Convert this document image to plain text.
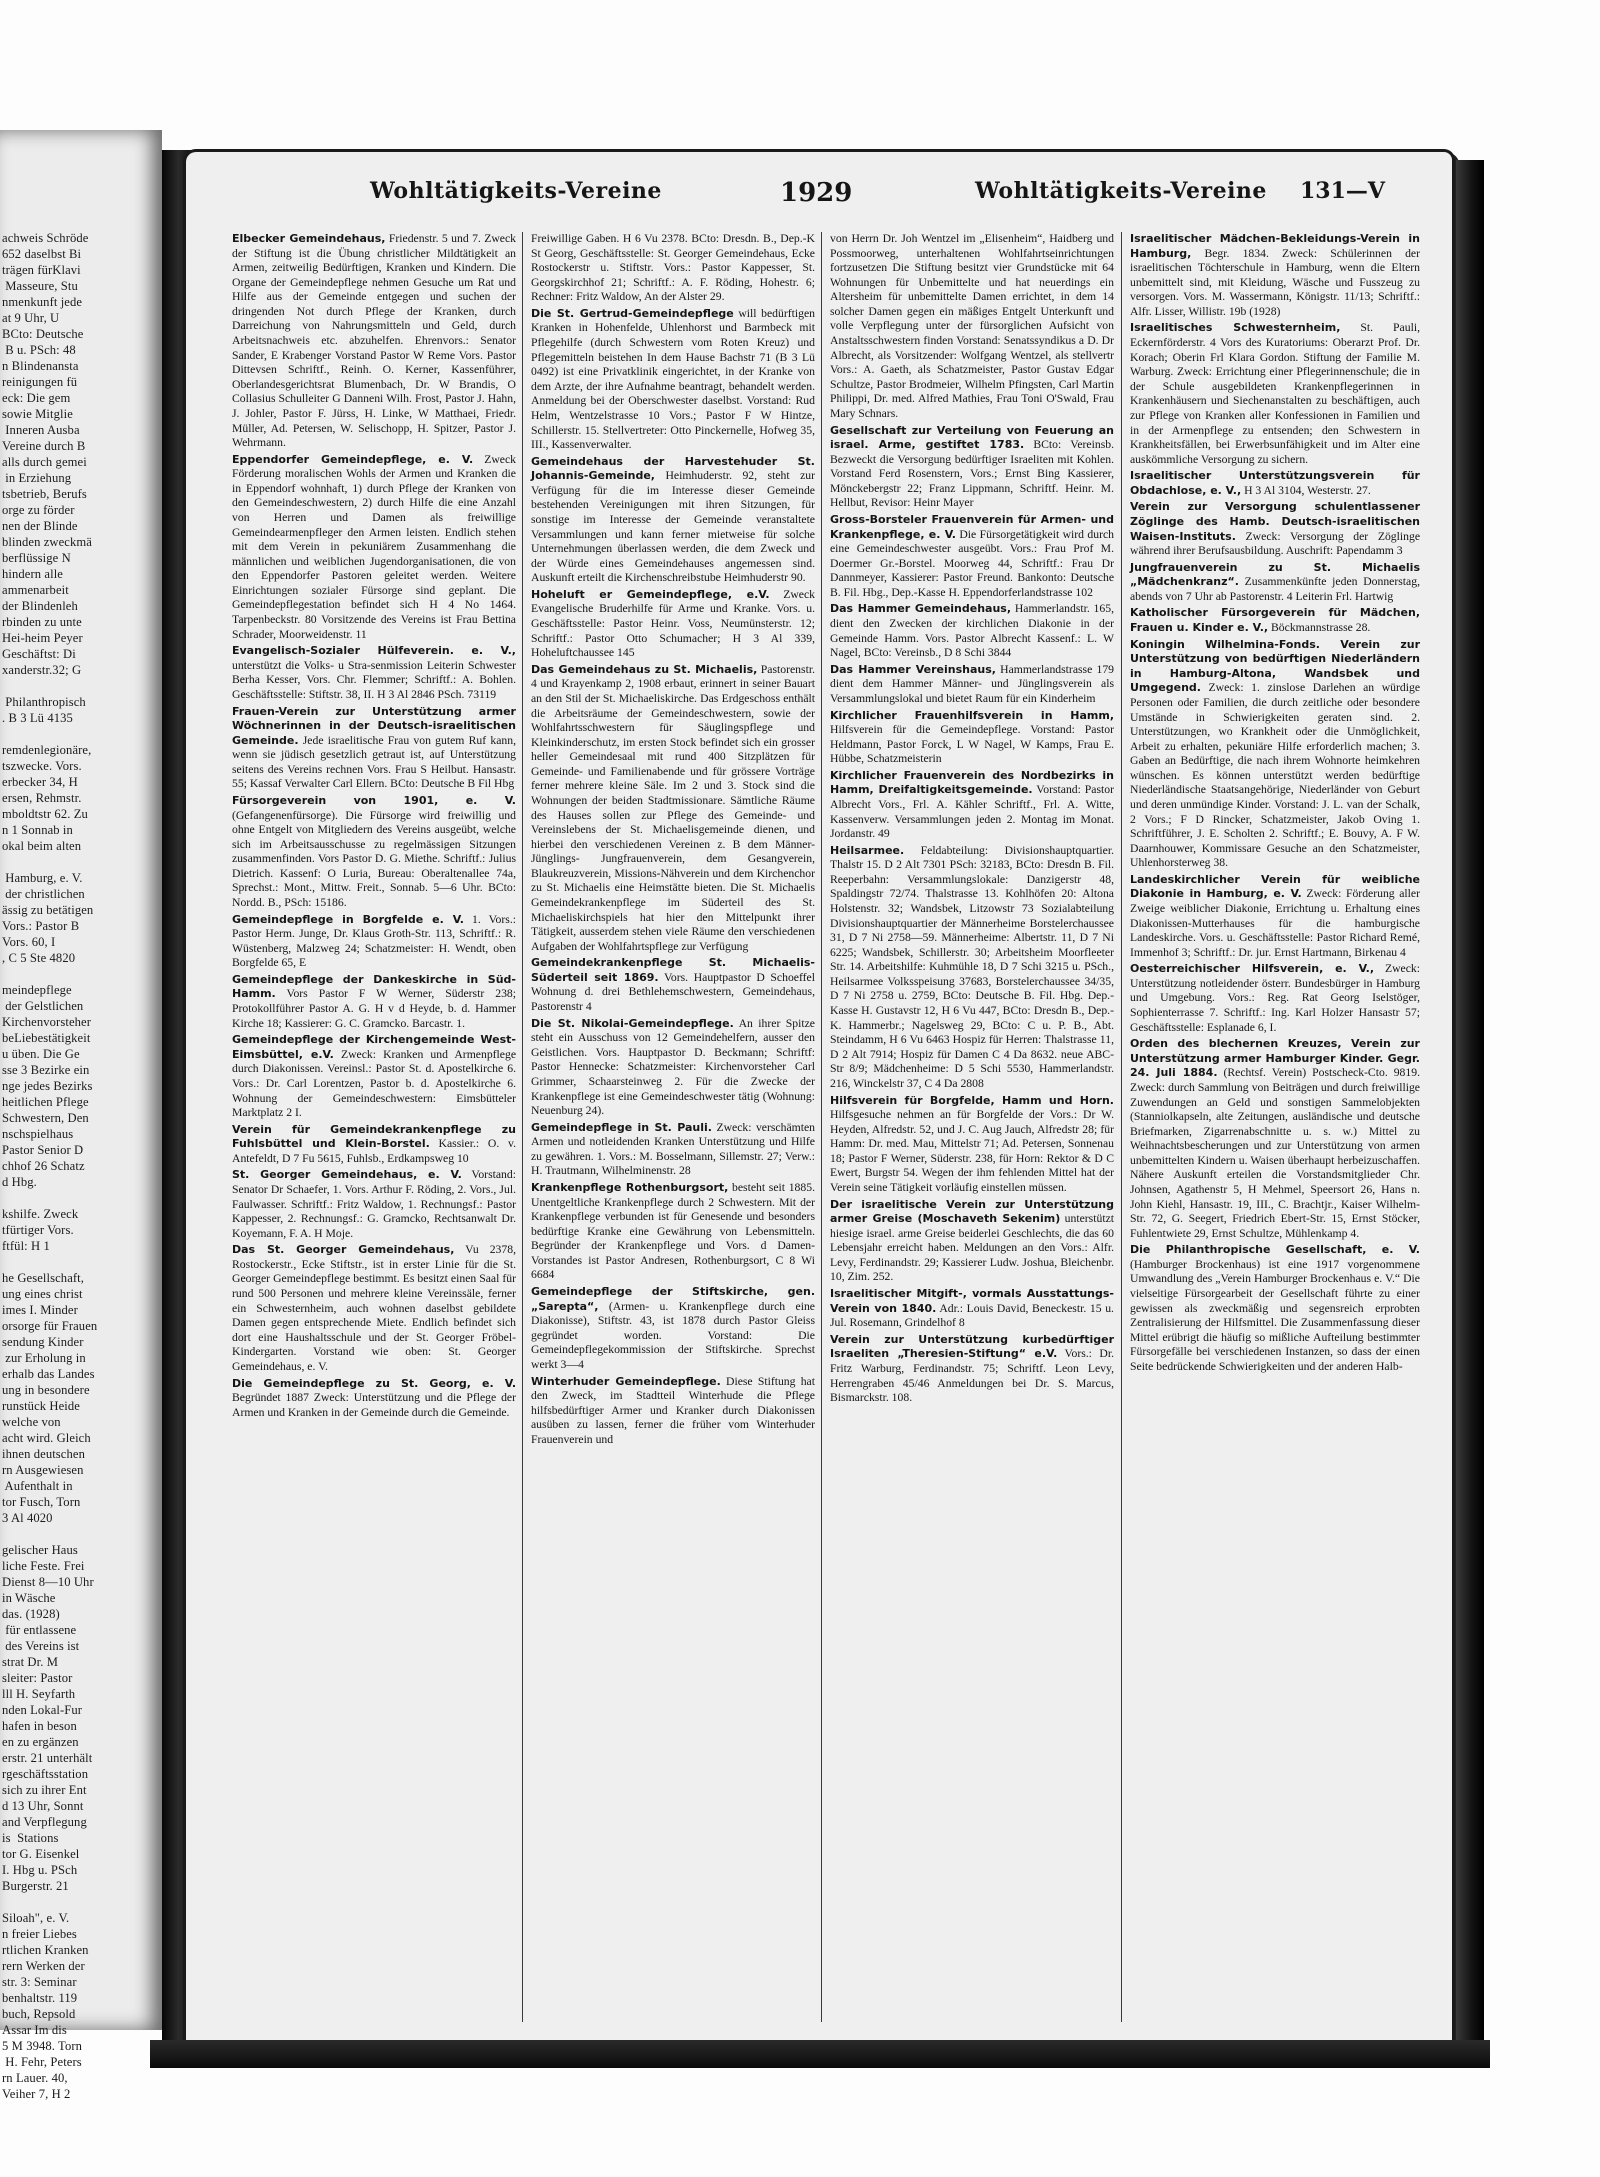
achweis Schröde
652 daselbst Bi
trägen fürKlavi
Masseure, Stu
nmenkunft jede
at 9 Uhr, U
BCto: Deutsche
B u. PSch: 48
n Blindenansta
reinigungen fü
eck: Die gem
sowie Mitglie
Inneren Ausba
Vereine durch B
alls durch gemei
in Erziehung
tsbetrieb, Berufs
orge zu förder
nen der Blinde
blinden zweckmä
berflüssige N
hindern alle
ammenarbeit
der Blindenleh
rbinden zu unte
Hei-heim Peyer
Geschäftst: Di
xanderstr.32; G

Philanthropisch
. B 3 Lü 4135

remdenlegionäre,
tszwecke. Vors.
erbecker 34, H
ersen, Rehmstr.
mboldtstr 62. Zu
n 1 Sonnab in
okal beim alten

Hamburg, e. V.
der christlichen
ässig zu betätigen
Vors.: Pastor B
Vors. 60, I
, C 5 Ste 4820

meindepflege
der Gelstlichen
Kirchenvorsteher
beLiebestätigkeit
u üben. Die Ge
sse 3 Bezirke ein
nge jedes Bezirks
heitlichen Pflege
Schwestern, Den
nschspielhaus
Pastor Senior D
chhof 26 Schatz
d Hbg.

kshilfe. Zweck
tfürtiger Vors.
ftfül: H 1

he Gesellschaft,
ung eines christ
imes I. Minder
orsorge für Frauen
sendung Kinder
zur Erholung in
erhalb das Landes
ung in besondere
runstück Heide
welche von
acht wird. Gleich
ihnen deutschen
rn Ausgewiesen
Aufenthalt in
tor Fusch, Torn
3 Al 4020

gelischer Haus
liche Feste. Frei
Dienst 8—10 Uhr
in Wäsche
das. (1928)
für entlassene
des Vereins ist
strat Dr. M
sleiter: Pastor
lll H. Seyfarth
nden Lokal-Fur
hafen in beson
en zu ergänzen
erstr. 21 unterhält
rgeschäftsstation
sich zu ihrer Ent
d 13 Uhr, Sonnt
and Verpflegung
is  Stations
tor G. Eisenkel
I. Hbg u. PSch
Burgerstr. 21

Siloah", e. V.
n freier Liebes
rtlichen Kranken
rern Werken der
str. 3: Seminar
benhaltstr. 119
buch, Repsold
Assar Im dis
5 M 3948. Torn
H. Fehr, Peters
rn Lauer. 40,
Veiher 7, H 2
Wohltätigkeits-Vereine	1929	Wohltätigkeits-Vereine 131—V

Elbecker Gemeindehaus, Friedenstr. 5 und 7. Zweck der Stiftung ist die Übung christlicher Mildtätigkeit an Armen, zeitweilig Bedürftigen, Kranken und Kindern. Die Organe der Gemeindepflege nehmen Gesuche um Rat und Hilfe aus der Gemeinde entgegen und suchen der dringenden Not durch Pflege der Kranken, durch Darreichung von Nahrungsmitteln und Geld, durch Arbeitsnachweis etc. abzuhelfen. Ehrenvors.: Senator Sander, E Krabenger Vorstand Pastor W Reme Vors. Pastor Dittevsen Schriftf., Reinh. O. Kerner, Kassenführer, Oberlandesgerichtsrat Blumenbach, Dr. W Brandis, O Collasius Schulleiter G Danneni Wilh. Frost, Pastor J. Hahn, J. Johler, Pastor F. Jürss, H. Linke, W Matthaei, Friedr. Müller, Ad. Petersen, W. Selischopp, H. Spitzer, Pastor J. Wehrmann.

Eppendorfer Gemeindepflege, e. V. Zweck Förderung moralischen Wohls der Armen und Kranken die in Eppendorf wohnhaft, 1) durch Pflege der Kranken von den Gemeindeschwestern, 2) durch Hilfe die eine Anzahl von Herren und Damen als freiwillige Gemeindearmenpfleger den Armen leisten. Endlich stehen mit dem Verein in pekuniärem Zusammenhang die männlichen und weiblichen Jugendorganisationen, die von den Eppendorfer Pastoren geleitet werden. Weitere Einrichtungen sozialer Fürsorge sind geplant. Die Gemeindepflegestation befindet sich H 4 No 1464. Tarpenbeckstr. 80 Vorsitzende des Vereins ist Frau Bettina Schrader, Moorweidenstr. 11

Evangelisch-Sozialer Hülfeverein. e. V., unterstützt die Volks- u Stra-senmission Leiterin Schwester Berha Kesser, Vors. Chr. Flemmer; Schriftf.: A. Bohlen. Geschäftsstelle: Stiftstr. 38, II. H 3 Al 2846 PSch. 73119

Frauen-Verein zur Unterstützung armer Wöchnerinnen in der Deutsch-israelitischen Gemeinde. Jede israelitische Frau von gutem Ruf kann, wenn sie jüdisch gesetzlich getraut ist, auf Unterstützung seitens des Vereins rechnen Vors. Frau S Heilbut. Hansastr. 55; Kassaf Verwalter Carl Ellern. BCto: Deutsche B Fil Hbg

Fürsorgeverein von 1901, e. V. (Gefangenenfürsorge). Die Fürsorge wird freiwillig und ohne Entgelt von Mitgliedern des Vereins ausgeübt, welche sich im Arbeitsausschusse zu regelmässigen Sitzungen zusammenfinden. Vors Pastor D. G. Miethe. Schriftf.: Julius Dietrich. Kassenf: O Luria, Bureau: Oberaltenallee 74a, Sprechst.: Mont., Mittw. Freit., Sonnab. 5—6 Uhr. BCto: Nordd. B., PSch: 15186.

Gemeindepflege in Borgfelde e. V. 1. Vors.: Pastor Herm. Junge, Dr. Klaus Groth-Str. 113, Schriftf.: R. Wüstenberg, Malzweg 24; Schatzmeister: H. Wendt, oben Borgfelde 65, E

Gemeindepflege der Dankeskirche in Süd-Hamm. Vors Pastor F W Werner, Süderstr 238; Protokollführer Pastor A. G. H v d Heyde, b. d. Hammer Kirche 18; Kassierer: G. C. Gramcko. Barcastr. 1.

Gemeindepflege der Kirchengemeinde West-Eimsbüttel, e.V. Zweck: Kranken und Armenpflege durch Diakonissen. Vereinsl.: Pastor St. d. Apostelkirche 6. Vors.: Dr. Carl Lorentzen, Pastor b. d. Apostelkirche 6. Wohnung der Gemeindeschwestern: Eimsbütteler Marktplatz 2 I.

Verein für Gemeindekrankenpflege zu Fuhlsbüttel und Klein-Borstel. Kassier.: O. v. Antefeldt, D 7 Fu 5615, Fuhlsb., Erdkampsweg 10

St. Georger Gemeindehaus, e. V. Vorstand: Senator Dr Schaefer, 1. Vors. Arthur F. Röding, 2. Vors., Jul. Faulwasser. Schriftf.: Fritz Waldow, 1. Rechnungsf.: Pastor Kappesser, 2. Rechnungsf.: G. Gramcko, Rechtsanwalt Dr. Koyemann, F. A. H Moje.

Das St. Georger Gemeindehaus, Vu 2378, Rostockerstr., Ecke Stiftstr., ist in erster Linie für die St. Georger Gemeindepflege bestimmt. Es besitzt einen Saal für rund 500 Personen und mehrere kleine Vereinssäle, ferner ein Schwesternheim, auch wohnen daselbst gebildete Damen gegen entsprechende Miete. Endlich befindet sich dort eine Haushaltsschule und der St. Georger Fröbel-Kindergarten. Vorstand wie oben: St. Georger Gemeindehaus, e. V.

Die Gemeindepflege zu St. Georg, e. V. Begründet 1887 Zweck: Unterstützung und die Pflege der Armen und Kranken in der Gemeinde durch die Gemeinde.

Freiwillige Gaben. H 6 Vu 2378. BCto: Dresdn. B., Dep.-K St Georg, Geschäftsstelle: St. Georger Gemeindehaus, Ecke Rostockerstr u. Stiftstr. Vors.: Pastor Kappesser, St. Georgskirchhof 21; Schriftf.: A. F. Röding, Hohestr. 6; Rechner: Fritz Waldow, An der Alster 29.

Die St. Gertrud-Gemeindepflege will bedürftigen Kranken in Hohenfelde, Uhlenhorst und Barmbeck mit Pflegehilfe (durch Schwestern vom Roten Kreuz) und Pflegemitteln beistehen In dem Hause Bachstr 71 (B 3 Lü 0492) ist eine Privatklinik eingerichtet, in der Kranke von dem Arzte, der ihre Aufnahme beantragt, behandelt werden. Anmeldung bei der Oberschwester daselbst. Vorstand: Rud Helm, Wentzelstrasse 10 Vors.; Pastor F W Hintze, Schillerstr. 15. Stellvertreter: Otto Pinckernelle, Hofweg 35, III., Kassenverwalter.

Gemeindehaus der Harvestehuder St. Johannis-Gemeinde, Heimhuderstr. 92, steht zur Verfügung für die im Interesse dieser Gemeinde bestehenden Vereinigungen mit ihren Sitzungen, für sonstige im Interesse der Gemeinde veranstaltete Versammlungen und kann ferner mietweise für solche Unternehmungen überlassen werden, die dem Zweck und der Würde eines Gemeindehauses angemessen sind. Auskunft erteilt die Kirchenschreibstube Heimhuderstr 90.

Hoheluft er Gemeindepflege, e.V. Zweck Evangelische Bruderhilfe für Arme und Kranke. Vors. u. Geschäftsstelle: Pastor Heinr. Voss, Neumünsterstr. 12; Schriftf.: Pastor Otto Schumacher; H 3 Al 339, Hoheluftchaussee 145

Das Gemeindehaus zu St. Michaelis, Pastorenstr. 4 und Krayenkamp 2, 1908 erbaut, erinnert in seiner Bauart an den Stil der St. Michaeliskirche. Das Erdgeschoss enthält die Arbeitsräume der Gemeindeschwestern, sowie der Wohlfahrtsschwestern für Säuglingspflege und Kleinkinderschutz, im ersten Stock befindet sich ein grosser heller Gemeindesaal mit rund 400 Sitzplätzen für Gemeinde- und Familienabende und für grössere Vorträge ferner mehrere kleine Säle. Im 2 und 3. Stock sind die Wohnungen der beiden Stadtmissionare. Sämtliche Räume des Hauses sollen zur Pflege des Gemeinde- und Vereinslebens der St. Michaelisgemeinde dienen, und hierbei den verschiedenen Vereinen z. B dem Männer- Jünglings- Jungfrauenverein, dem Gesangverein, Blaukreuzverein, Missions-Nähverein und dem Kirchenchor zu St. Michaelis eine Heimstätte bieten. Die St. Michaelis Gemeindekrankenpflege im Süderteil des St. Michaeliskirchspiels hat hier den Mittelpunkt ihrer Tätigkeit, ausserdem stehen viele Räume den verschiedenen Aufgaben der Wohlfahrtspflege zur Verfügung

Gemeindekrankenpflege St. Michaelis-Süderteil seit 1869. Vors. Hauptpastor D Schoeffel Wohnung d. drei Bethlehemschwestern, Gemeindehaus, Pastorenstr 4

Die St. Nikolai-Gemeindepflege. An ihrer Spitze steht ein Ausschuss von 12 Gemeindehelfern, ausser den Geistlichen. Vors. Hauptpastor D. Beckmann; Schriftf: Pastor Hennecke: Schatzmeister: Kirchenvorsteher Carl Grimmer, Schaarsteinweg 2. Für die Zwecke der Krankenpflege ist eine Gemeindeschwester tätig (Wohnung: Neuenburg 24).

Gemeindepflege in St. Pauli. Zweck: verschämten Armen und notleidenden Kranken Unterstützung und Hilfe zu gewähren. 1. Vors.: M. Bosselmann, Sillemstr. 27; Verw.: H. Trautmann, Wilhelminenstr. 28

Krankenpflege Rothenburgsort, besteht seit 1885. Unentgeltliche Krankenpflege durch 2 Schwestern. Mit der Krankenpflege verbunden ist für Genesende und besonders bedürftige Kranke eine Gewährung von Lebensmitteln. Begründer der Krankenpflege und Vors. d Damen-Vorstandes ist Pastor Andresen, Rothenburgsort, C 8 Wi 6684

Gemeindepflege der Stiftskirche, gen. „Sarepta“, (Armen- u. Krankenpflege durch eine Diakonisse), Stiftstr. 43, ist 1878 durch Pastor Gleiss gegründet worden. Vorstand: Die Gemeindepflegekommission der Stiftskirche. Sprechst werkt 3—4

Winterhuder Gemeindepflege. Diese Stiftung hat den Zweck, im Stadtteil Winterhude die Pflege hilfsbedürftiger Armer und Kranker durch Diakonissen ausüben zu lassen, ferner die früher vom Winterhuder Frauenverein und

von Herrn Dr. Joh Wentzel im „Elisenheim“, Haidberg und Possmoorweg, unterhaltenen Wohlfahrtseinrichtungen fortzusetzen Die Stiftung besitzt vier Grundstücke mit 64 Wohnungen für Unbemittelte und hat neuerdings ein Altersheim für unbemittelte Damen errichtet, in dem 14 solcher Damen gegen ein mäßiges Entgelt Unterkunft und volle Verpflegung unter der fürsorglichen Aufsicht von Anstaltsschwestern finden Vorstand: Senatssyndikus a D. Dr Albrecht, als Vorsitzender: Wolfgang Wentzel, als stellvertr Vors.: A. Gaeth, als Schatzmeister, Pastor Gustav Edgar Schultze, Pastor Brodmeier, Wilhelm Pfingsten, Carl Martin Philippi, Dr. med. Alfred Mathies, Frau Toni O'Swald, Frau Mary Schnars.

Gesellschaft zur Verteilung von Feuerung an israel. Arme, gestiftet 1783. BCto: Vereinsb. Bezweckt die Versorgung bedürftiger Israeliten mit Kohlen. Vorstand Ferd Rosenstern, Vors.; Ernst Bing Kassierer, Mönckebergstr 22; Franz Lippmann, Schriftf. Heinr. M. Hellbut, Revisor: Heinr Mayer

Gross-Borsteler Frauenverein für Armen- und Krankenpflege, e. V. Die Fürsorgetätigkeit wird durch eine Gemeindeschwester ausgeübt. Vors.: Frau Prof M. Doermer Gr.-Borstel. Moorweg 44, Schriftf.: Frau Dr Dannmeyer, Kassierer: Pastor Freund. Bankonto: Deutsche B. Fil. Hbg., Dep.-Kasse H. Eppendorferlandstrasse 102

Das Hammer Gemeindehaus, Hammerlandstr. 165, dient den Zwecken der kirchlichen Diakonie in der Gemeinde Hamm. Vors. Pastor Albrecht Kassenf.: L. W Nagel, BCto: Vereinsb., D 8 Schi 3844

Das Hammer Vereinshaus, Hammerlandstrasse 179 dient dem Hammer Männer- und Jünglingsverein als Versammlungslokal und bietet Raum für ein Kinderheim

Kirchlicher Frauenhilfsverein in Hamm, Hilfsverein für die Gemeindepflege. Vorstand: Pastor Heldmann, Pastor Forck, L W Nagel, W Kamps, Frau E. Hübbe, Schatzmeisterin

Kirchlicher Frauenverein des Nordbezirks in Hamm, Dreifaltigkeitsgemeinde. Vorstand: Pastor Albrecht Vors., Frl. A. Kähler Schriftf., Frl. A. Witte, Kassenverw. Versammlungen jeden 2. Montag im Monat. Jordanstr. 49

Heilsarmee. Feldabteilung: Divisionshauptquartier. Thalstr 15. D 2 Alt 7301 PSch: 32183, BCto: Dresdn B. Fil. Reeperbahn: Versammlungslokale: Danzigerstr 48, Spaldingstr 72/74. Thalstrasse 13. Kohlhöfen 20: Altona Holstenstr. 32; Wandsbek, Litzowstr 73 Sozialabteilung Divisionshauptquartier der Männerheime Borstelerchaussee 31, D 7 Ni 2758—59. Männerheime: Albertstr. 11, D 7 Ni 6225; Wandsbek, Schillerstr. 30; Arbeitsheim Moorfleeter Str. 14. Arbeitshilfe: Kuhmühle 18, D 7 Schi 3215 u. PSch., Heilsarmee Volksspeisung 37683, Borstelerchaussee 34/35, D 7 Ni 2758 u. 2759, BCto: Deutsche B. Fil. Hbg. Dep.-Kasse H. Gustavstr 12, H 6 Vu 447, BCto: Dresdn B., Dep.-K. Hammerbr.; Nagelsweg 29, BCto: C u. P. B., Abt. Steindamm, H 6 Vu 6463 Hospiz für Herren: Thalstrasse 11, D 2 Alt 7914; Hospiz für Damen C 4 Da 8632. neue ABC-Str 8/9; Mädchenheime: D 5 Schi 5530, Hammerlandstr. 216, Winckelstr 37, C 4 Da 2808

Hilfsverein für Borgfelde, Hamm und Horn. Hilfsgesuche nehmen an für Borgfelde der Vors.: Dr W. Heyden, Alfredstr. 52, und J. C. Aug Jauch, Alfredstr 28; für Hamm: Dr. med. Mau, Mittelstr 71; Ad. Petersen, Sonnenau 18; Pastor F Werner, Süderstr. 238, für Horn: Rektor & D C Ewert, Burgstr 54. Wegen der ihm fehlenden Mittel hat der Verein seine Tätigkeit vorläufig einstellen müssen.

Der israelitische Verein zur Unterstützung armer Greise (Moschaveth Sekenim) unterstützt hiesige israel. arme Greise beiderlei Geschlechts, die das 60 Lebensjahr erreicht haben. Meldungen an den Vors.: Alfr. Levy, Ferdinandstr. 29; Kassierer Ludw. Joshua, Bleichenbr. 10, Zim. 252.

Israelitischer Mitgift-, vormals Ausstattungs-Verein von 1840. Adr.: Louis David, Beneckestr. 15 u. Jul. Rosemann, Grindelhof 8

Verein zur Unterstützung kurbedürftiger Israeliten „Theresien-Stiftung“ e.V. Vors.: Dr. Fritz Warburg, Ferdinandstr. 75; Schriftf. Leon Levy, Herrengraben 45/46 Anmeldungen bei Dr. S. Marcus, Bismarckstr. 108.

Israelitischer Mädchen-Bekleidungs-Verein in Hamburg, Begr. 1834. Zweck: Schülerinnen der israelitischen Töchterschule in Hamburg, wenn die Eltern unbemittelt sind, mit Kleidung, Wäsche und Fusszeug zu versorgen. Vors. M. Wassermann, Königstr. 11/13; Schriftf.: Alfr. Lisser, Willistr. 19b (1928)

Israelitisches Schwesternheim, St. Pauli, Eckernförderstr. 4 Vors des Kuratoriums: Oberarzt Prof. Dr. Korach; Oberin Frl Klara Gordon. Stiftung der Familie M. Warburg. Zweck: Errichtung einer Pflegerinnenschule; die in der Schule ausgebildeten Krankenpflegerinnen in Krankenhäusern und Siechenanstalten zu beschäftigen, auch zur Pflege von Kranken aller Konfessionen in Familien und in der Armenpflege zu entsenden; den Schwestern in Krankheitsfällen, bei Erwerbsunfähigkeit und im Alter eine auskömmliche Versorgung zu sichern.

Israelitischer Unterstützungsverein für Obdachlose, e. V., H 3 Al 3104, Westerstr. 27.

Verein zur Versorgung schulentlassener Zöglinge des Hamb. Deutsch-israelitischen Waisen-Instituts. Zweck: Versorgung der Zöglinge während ihrer Berufsausbildung. Auschrift: Papendamm 3

Jungfrauenverein zu St. Michaelis „Mädchenkranz“. Zusammenkünfte jeden Donnerstag, abends von 7 Uhr ab Pastorenstr. 4 Leiterin Frl. Hartwig

Katholischer Fürsorgeverein für Mädchen, Frauen u. Kinder e. V., Böckmannstrasse 28.

Koningin Wilhelmina-Fonds. Verein zur Unterstützung von bedürftigen Niederländern in Hamburg-Altona, Wandsbek und Umgegend. Zweck: 1. zinslose Darlehen an würdige Personen oder Familien, die durch zeitliche oder besondere Umstände in Schwierigkeiten geraten sind. 2. Unterstützungen, wo Krankheit oder die Unmöglichkeit, Arbeit zu erhalten, pekuniäre Hilfe erforderlich machen; 3. Gaben an Bedürftige, die nach ihrem Wohnorte heimkehren wünschen. Es können unterstützt werden bedürftige Niederländische Staatsangehörige, Niederländer von Geburt und deren unmündige Kinder. Vorstand: J. L. van der Schalk, 2 Vors.; F D Rincker, Schatzmeister, Jakob Oving 1. Schriftführer, J. E. Scholten 2. Schriftf.; E. Bouvy, A. F W. Daarnhouwer, Kommissare Gesuche an den Schatzmeister, Uhlenhorsterweg 38.

Landeskirchlicher Verein für weibliche Diakonie in Hamburg, e. V. Zweck: Förderung aller Zweige weiblicher Diakonie, Errichtung u. Erhaltung eines Diakonissen-Mutterhauses für die hamburgische Landeskirche. Vors. u. Geschäftsstelle: Pastor Richard Remé, Immenhof 3; Schriftf.: Dr. jur. Ernst Hartmann, Birkenau 4

Oesterreichischer Hilfsverein, e. V., Zweck: Unterstützung notleidender österr. Bundesbürger in Hamburg und Umgebung. Vors.: Reg. Rat Georg Iselstöger, Sophienterrasse 7. Schriftf.: Ing. Karl Holzer Hansastr 57; Geschäftsstelle: Esplanade 6, I.

Orden des blechernen Kreuzes, Verein zur Unterstützung armer Hamburger Kinder. Gegr. 24. Juli 1884. (Rechtsf. Verein) Postscheck-Cto. 9819. Zweck: durch Sammlung von Beiträgen und durch freiwillige Zuwendungen an Geld und sonstigen Sammelobjekten (Stanniolkapseln, alte Zeitungen, ausländische und deutsche Briefmarken, Zigarrenabschnitte u. s. w.) Mittel zu Weihnachtsbescherungen und zur Unterstützung von armen unbemittelten Kindern u. Waisen überhaupt herbeizuschaffen. Nähere Auskunft erteilen die Vorstandsmitglieder Chr. Johnsen, Agathenstr 5, H Mehmel, Speersort 26, Hans n. John Kiehl, Hansastr. 19, III., C. Brachtjr., Kaiser Wilhelm-Str. 72, G. Seegert, Friedrich Ebert-Str. 15, Ernst Stöcker, Fuhlentwiete 29, Ernst Schultze, Mühlenkamp 4.

Die Philanthropische Gesellschaft, e. V. (Hamburger Brockenhaus) ist eine 1917 vorgenommene Umwandlung des „Verein Hamburger Brockenhaus e. V.“ Die vielseitige Fürsorgearbeit der Gesellschaft führte zu einer gewissen als zweckmäßig und segensreich erprobten Zentralisierung der Hilfsmittel. Die Zusammenfassung dieser Mittel erübrigt die häufig so mißliche Aufteilung bestimmter Fürsorgefälle bei verschiedenen Instanzen, so dass der einen Seite bedrückende Schwierigkeiten und der anderen Halb-
